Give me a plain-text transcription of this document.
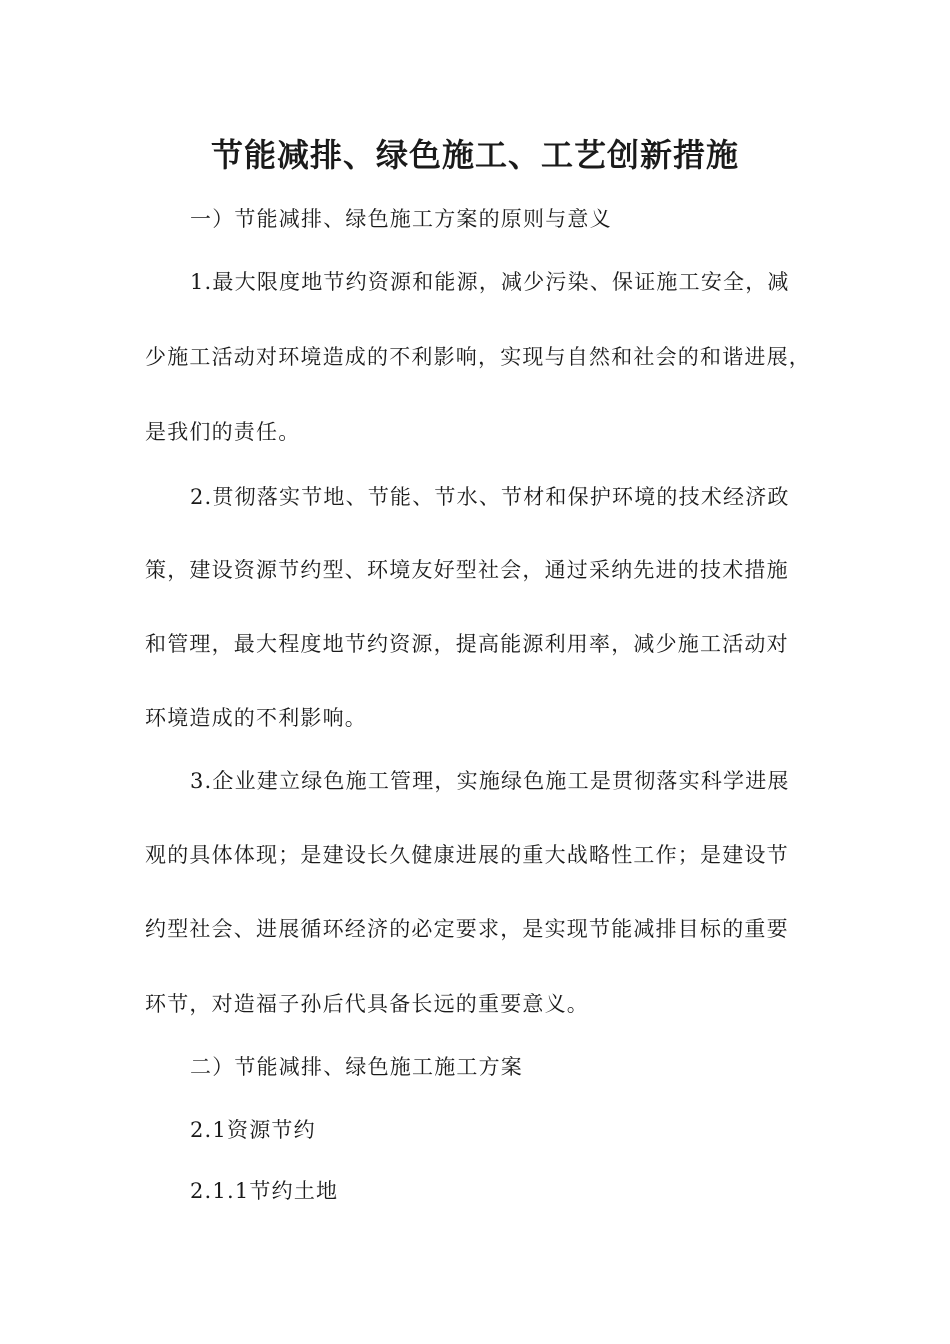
节能减排、绿色施工、工艺创新措施
一）节能减排、绿色施工方案的原则与意义
1.最大限度地节约资源和能源，减少污染、保证施工安全，减
少施工活动对环境造成的不利影响，实现与自然和社会的和谐进展，
是我们的责任。
2.贯彻落实节地、节能、节水、节材和保护环境的技术经济政
策，建设资源节约型、环境友好型社会，通过采纳先进的技术措施
和管理，最大程度地节约资源，提高能源利用率，减少施工活动对
环境造成的不利影响。
3.企业建立绿色施工管理，实施绿色施工是贯彻落实科学进展
观的具体体现；是建设长久健康进展的重大战略性工作；是建设节
约型社会、进展循环经济的必定要求，是实现节能减排目标的重要
环节，对造福子孙后代具备长远的重要意义。
二）节能减排、绿色施工施工方案
2.1资源节约
2.1.1节约土地
